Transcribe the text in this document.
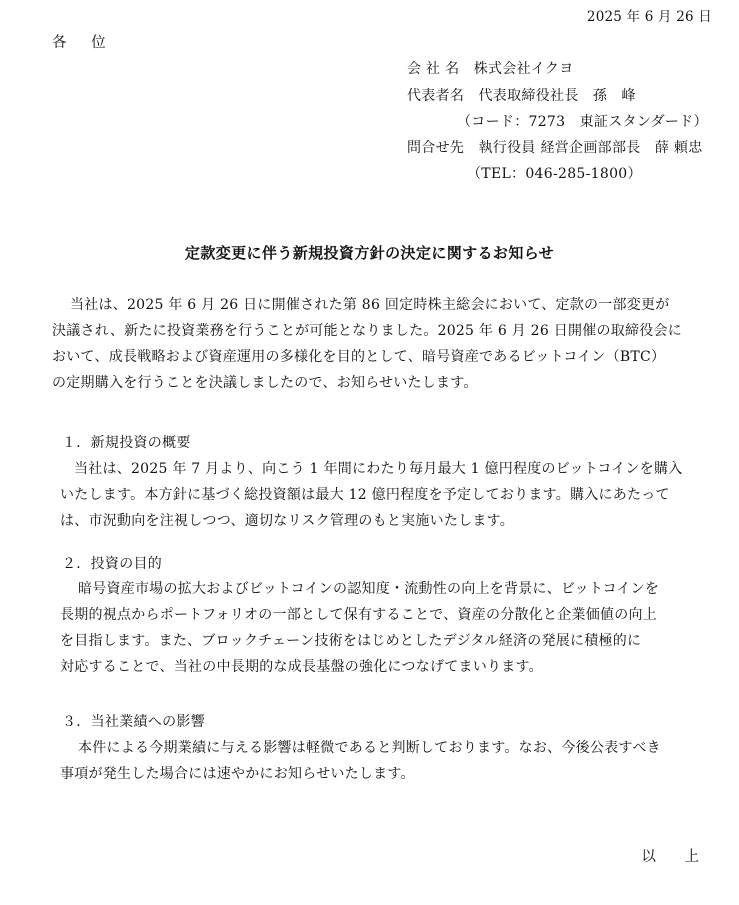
2025 年 6 月 26 日
各 位
会 社 名　株式会社イクヨ
代表者名　代表取締役社長　孫　峰
（コード：7273　東証スタンダード）
問合せ先　執行役員 経営企画部部長　薛 頼忠
（TEL：046-285-1800）
定款変更に伴う新規投資方針の決定に関するお知らせ
当社は、2025 年 6 月 26 日に開催された第 86 回定時株主総会において、定款の一部変更が
決議され、新たに投資業務を行うことが可能となりました。2025 年 6 月 26 日開催の取締役会に
おいて、成長戦略および資産運用の多様化を目的として、暗号資産であるビットコイン（BTC）
の定期購入を行うことを決議しましたので、お知らせいたします。
１．新規投資の概要
当社は、2025 年 7 月より、向こう 1 年間にわたり毎月最大 1 億円程度のビットコインを購入
いたします。本方針に基づく総投資額は最大 12 億円程度を予定しております。購入にあたって
は、市況動向を注視しつつ、適切なリスク管理のもと実施いたします。
２．投資の目的
暗号資産市場の拡大およびビットコインの認知度・流動性の向上を背景に、ビットコインを
長期的視点からポートフォリオの一部として保有することで、資産の分散化と企業価値の向上
を目指します。また、ブロックチェーン技術をはじめとしたデジタル経済の発展に積極的に
対応することで、当社の中長期的な成長基盤の強化につなげてまいります。
３．当社業績への影響
本件による今期業績に与える影響は軽微であると判断しております。なお、今後公表すべき
事項が発生した場合には速やかにお知らせいたします。
以 上
